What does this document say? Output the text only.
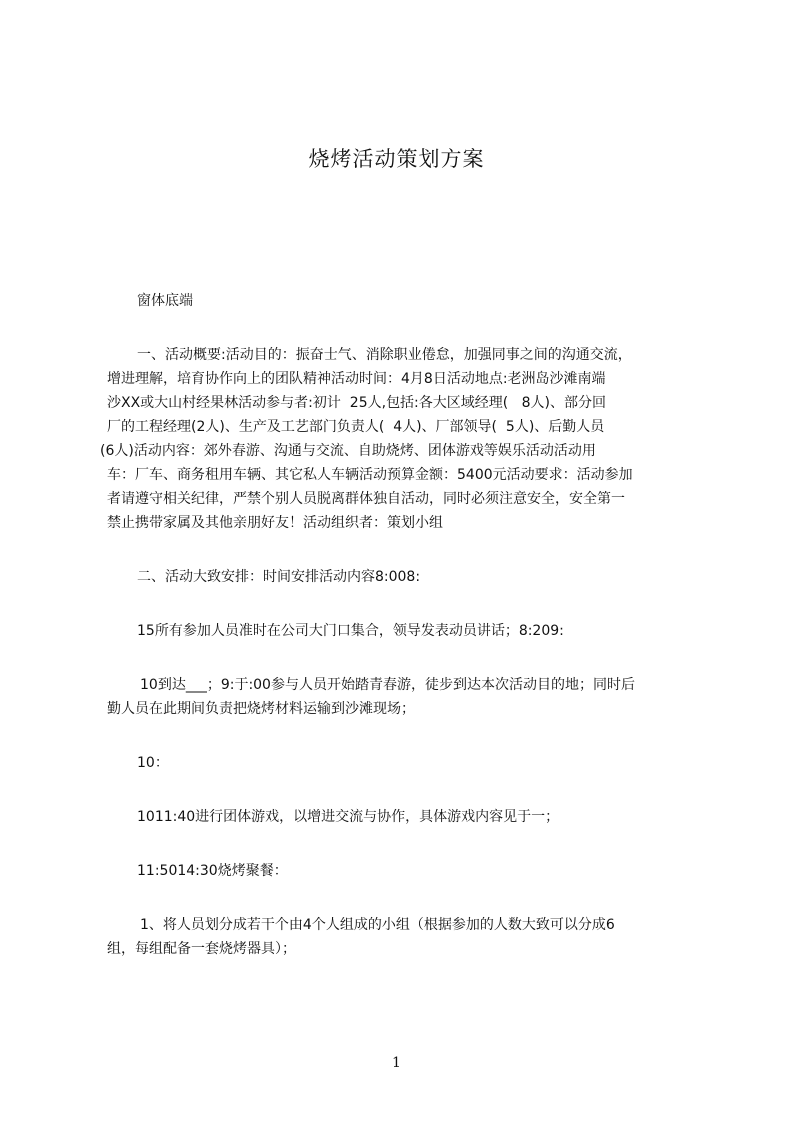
烧烤活动策划方案
窗体底端
一、活动概要:活动目的：振奋士气、消除职业倦怠，加强同事之间的沟通交流，
增进理解，培育协作向上的团队精神活动时间：4月8日活动地点:老洲岛沙滩南端
沙XX或大山村经果林活动参与者:初计  25人,包括:各大区域经理(   8人)、部分回
厂的工程经理(2人)、生产及工艺部门负责人(  4人)、厂部领导(  5人)、后勤人员
(6人)活动内容：郊外春游、沟通与交流、自助烧烤、团体游戏等娱乐活动活动用
车：厂车、商务租用车辆、其它私人车辆活动预算金额：5400元活动要求：活动参加
者请遵守相关纪律，严禁个别人员脱离群体独自活动，同时必须注意安全，安全第一
禁止携带家属及其他亲朋好友！活动组织者：策划小组
二、活动大致安排：时间安排活动内容8:008:
15所有参加人员准时在公司大门口集合，领导发表动员讲话；8:209:
10到达___；9:于:00参与人员开始踏青春游，徒步到达本次活动目的地；同时后
勤人员在此期间负责把烧烤材料运输到沙滩现场；
10：
1011:40进行团体游戏，以增进交流与协作，具体游戏内容见于一；
11:5014:30烧烤聚餐：
1、将人员划分成若干个由4个人组成的小组（根据参加的人数大致可以分成6
组，每组配备一套烧烤器具）；
1
